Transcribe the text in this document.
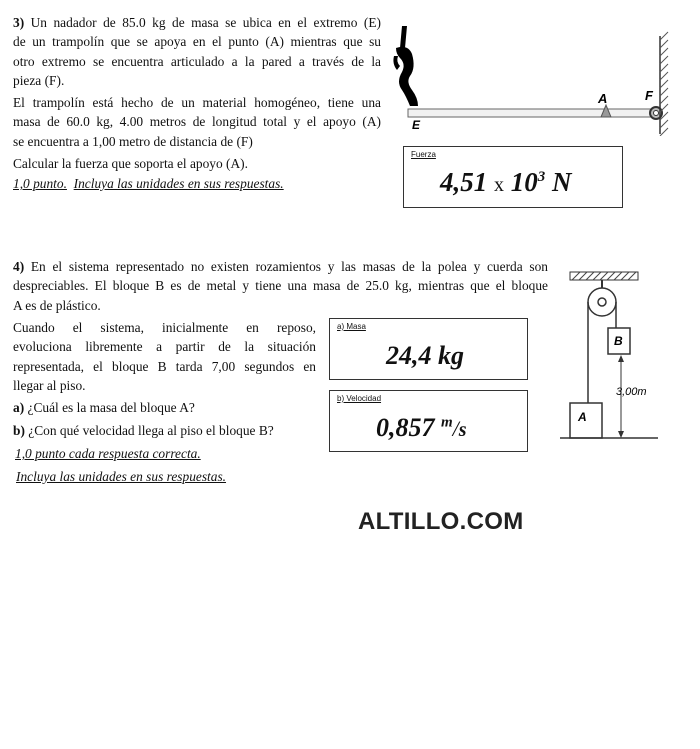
3) Un nadador de 85.0 kg de masa se ubica en el extremo (E)
de un trampolín que se apoya en el punto (A) mientras que su
otro extremo se encuentra articulado a la pared a través de la
pieza (F).
El trampolín está hecho de un material homogéneo, tiene una
masa de 60.0 kg, 4.00 metros de longitud total y el apoyo (A)
se encuentra a 1,00 metro de distancia de (F)
Calcular la fuerza que soporta el apoyo (A).
1,0 punto. Incluya las unidades en sus respuestas.
A	F
E
Fuerza
4,51 x $10^3$ N
4) En el sistema representado no existen rozamientos y las masas de la polea y cuerda son
despreciables. El bloque B es de metal y tiene una masa de 25.0 kg, mientras que el bloque
A es de plástico.
Cuando el sistema, inicialmente en reposo,
evoluciona libremente a partir de la situación
representada, el bloque B tarda 7,00 segundos en
llegar al piso.
a) ¿Cuál es la masa del bloque A?
b) ¿Con qué velocidad llega al piso el bloque B?
1,0 punto cada respuesta correcta.
Incluya las unidades en sus respuestas.
a) Masa
24,4 kg
b) Velocidad
0,857 $^m$/s
B
A
3,00m
ALTILLO.COM
